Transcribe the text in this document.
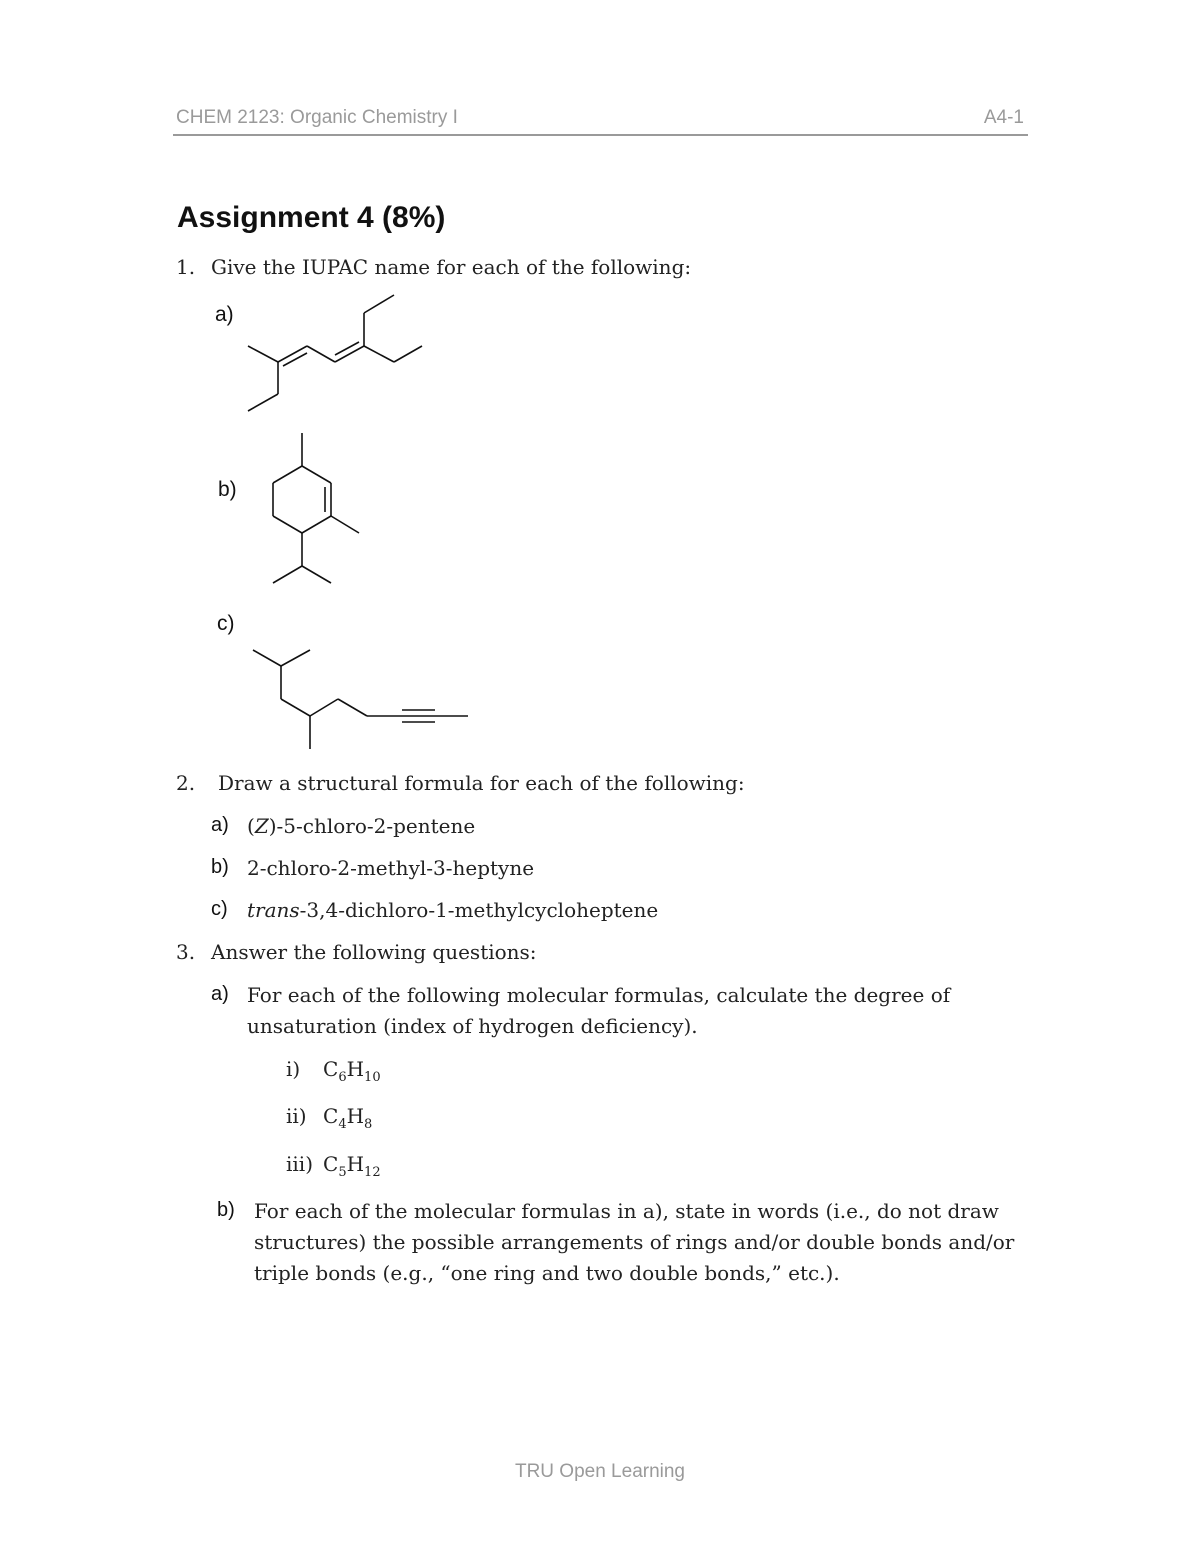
CHEM 2123: Organic Chemistry I	A4-1
Assignment 4 (8%)
1. Give the IUPAC name for each of the following:
a)
b)
c)
2. Draw a structural formula for each of the following:
a) (Z)-5-chloro-2-pentene
b) 2-chloro-2-methyl-3-heptyne
c) trans-3,4-dichloro-1-methylcycloheptene
3. Answer the following questions:
a) For each of the following molecular formulas, calculate the degree of
unsaturation (index of hydrogen deficiency).
i) $C_6H_{10}$
ii) $C_4H_8$
iii) $C_5H_{12}$
b) For each of the molecular formulas in a), state in words (i.e., do not draw
structures) the possible arrangements of rings and/or double bonds and/or
triple bonds (e.g., “one ring and two double bonds,” etc.).
TRU Open Learning
